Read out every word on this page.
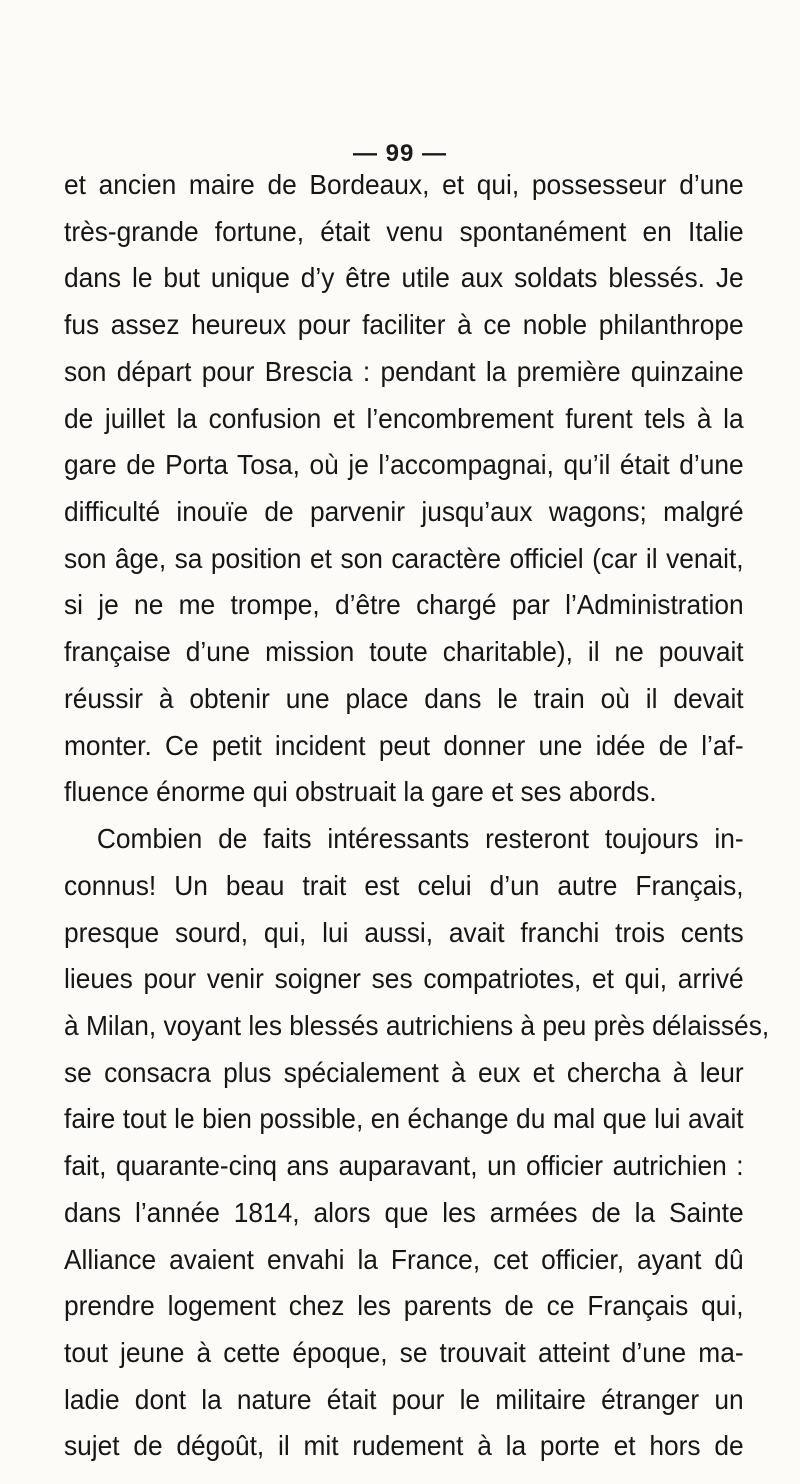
— 99 —
et ancien maire de Bordeaux, et qui, possesseur d’une
très-grande fortune, était venu spontanément en Italie
dans le but unique d’y être utile aux soldats blessés. Je
fus assez heureux pour faciliter à ce noble philanthrope
son départ pour Brescia : pendant la première quinzaine
de juillet la confusion et l’encombrement furent tels à la
gare de Porta Tosa, où je l’accompagnai, qu’il était d’une
difficulté inouïe de parvenir jusqu’aux wagons; malgré
son âge, sa position et son caractère officiel (car il venait,
si je ne me trompe, d’être chargé par l’Administration
française d’une mission toute charitable), il ne pouvait
réussir à obtenir une place dans le train où il devait
monter. Ce petit incident peut donner une idée de l’af-
fluence énorme qui obstruait la gare et ses abords.
Combien de faits intéressants resteront toujours in-
connus! Un beau trait est celui d’un autre Français,
presque sourd, qui, lui aussi, avait franchi trois cents
lieues pour venir soigner ses compatriotes, et qui, arrivé
à Milan, voyant les blessés autrichiens à peu près délaissés,
se consacra plus spécialement à eux et chercha à leur
faire tout le bien possible, en échange du mal que lui avait
fait, quarante-cinq ans auparavant, un officier autrichien :
dans l’année 1814, alors que les armées de la Sainte
Alliance avaient envahi la France, cet officier, ayant dû
prendre logement chez les parents de ce Français qui,
tout jeune à cette époque, se trouvait atteint d’une ma-
ladie dont la nature était pour le militaire étranger un
sujet de dégoût, il mit rudement à la porte et hors de
